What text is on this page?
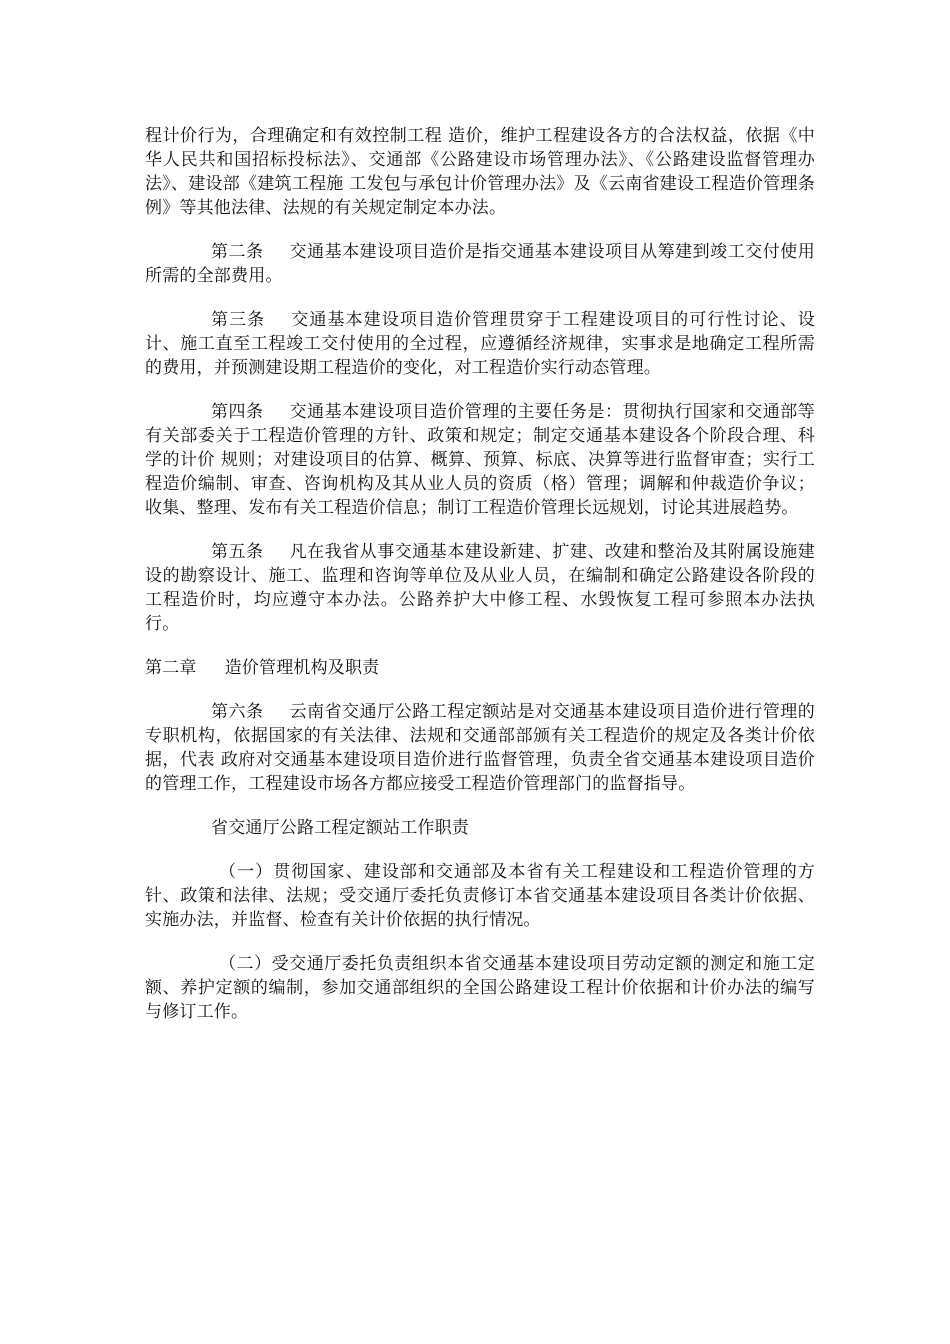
程计价行为，合理确定和有效控制工程 造价，维护工程建设各方的合法权益，依据《中华人民共和国招标投标法》、交通部《公路建设市场管理办法》、《公路建设监督管理办法》、建设部《建筑工程施 工发包与承包计价管理办法》及《云南省建设工程造价管理条例》等其他法律、法规的有关规定制定本办法。

第二条 交通基本建设项目造价是指交通基本建设项目从筹建到竣工交付使用所需的全部费用。

第三条 交通基本建设项目造价管理贯穿于工程建设项目的可行性讨论、设计、施工直至工程竣工交付使用的全过程，应遵循经济规律，实事求是地确定工程所需的费用，并预测建设期工程造价的变化，对工程造价实行动态管理。

第四条 交通基本建设项目造价管理的主要任务是：贯彻执行国家和交通部等有关部委关于工程造价管理的方针、政策和规定；制定交通基本建设各个阶段合理、科学的计价 规则；对建设项目的估算、概算、预算、标底、决算等进行监督审查；实行工程造价编制、审查、咨询机构及其从业人员的资质（格）管理；调解和仲裁造价争议； 收集、整理、发布有关工程造价信息；制订工程造价管理长远规划，讨论其进展趋势。

第五条 凡在我省从事交通基本建设新建、扩建、改建和整治及其附属设施建设的勘察设计、施工、监理和咨询等单位及从业人员，在编制和确定公路建设各阶段的工程造价时，均应遵守本办法。公路养护大中修工程、水毁恢复工程可参照本办法执行。

第二章 造价管理机构及职责

第六条 云南省交通厅公路工程定额站是对交通基本建设项目造价进行管理的专职机构，依据国家的有关法律、法规和交通部部颁有关工程造价的规定及各类计价依据，代表 政府对交通基本建设项目造价进行监督管理，负责全省交通基本建设项目造价的管理工作，工程建设市场各方都应接受工程造价管理部门的监督指导。

省交通厅公路工程定额站工作职责

（一）贯彻国家、建设部和交通部及本省有关工程建设和工程造价管理的方针、政策和法律、法规；受交通厅委托负责修订本省交通基本建设项目各类计价依据、实施办法，并监督、检查有关计价依据的执行情况。

（二）受交通厅委托负责组织本省交通基本建设项目劳动定额的测定和施工定额、养护定额的编制，参加交通部组织的全国公路建设工程计价依据和计价办法的编写与修订工作。
